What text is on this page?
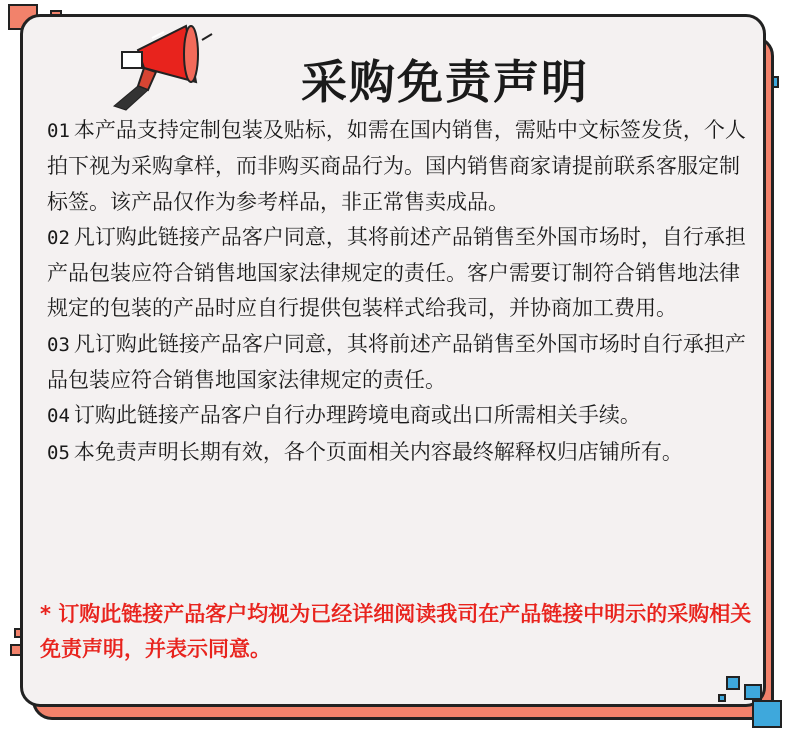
采购免责声明

01 本产品支持定制包装及贴标，如需在国内销售，需贴中文标签发货，个人拍下视为采购拿样，而非购买商品行为。国内销售商家请提前联系客服定制标签。该产品仅作为参考样品，非正常售卖成品。

02 凡订购此链接产品客户同意，其将前述产品销售至外国市场时，自行承担产品包装应符合销售地国家法律规定的责任。客户需要订制符合销售地法律规定的包装的产品时应自行提供包装样式给我司，并协商加工费用。

03 凡订购此链接产品客户同意，其将前述产品销售至外国市场时自行承担产品包装应符合销售地国家法律规定的责任。

04 订购此链接产品客户自行办理跨境电商或出口所需相关手续。

05 本免责声明长期有效，各个页面相关内容最终解释权归店铺所有。

* 订购此链接产品客户均视为已经详细阅读我司在产品链接中明示的采购相关免责声明，并表示同意。
